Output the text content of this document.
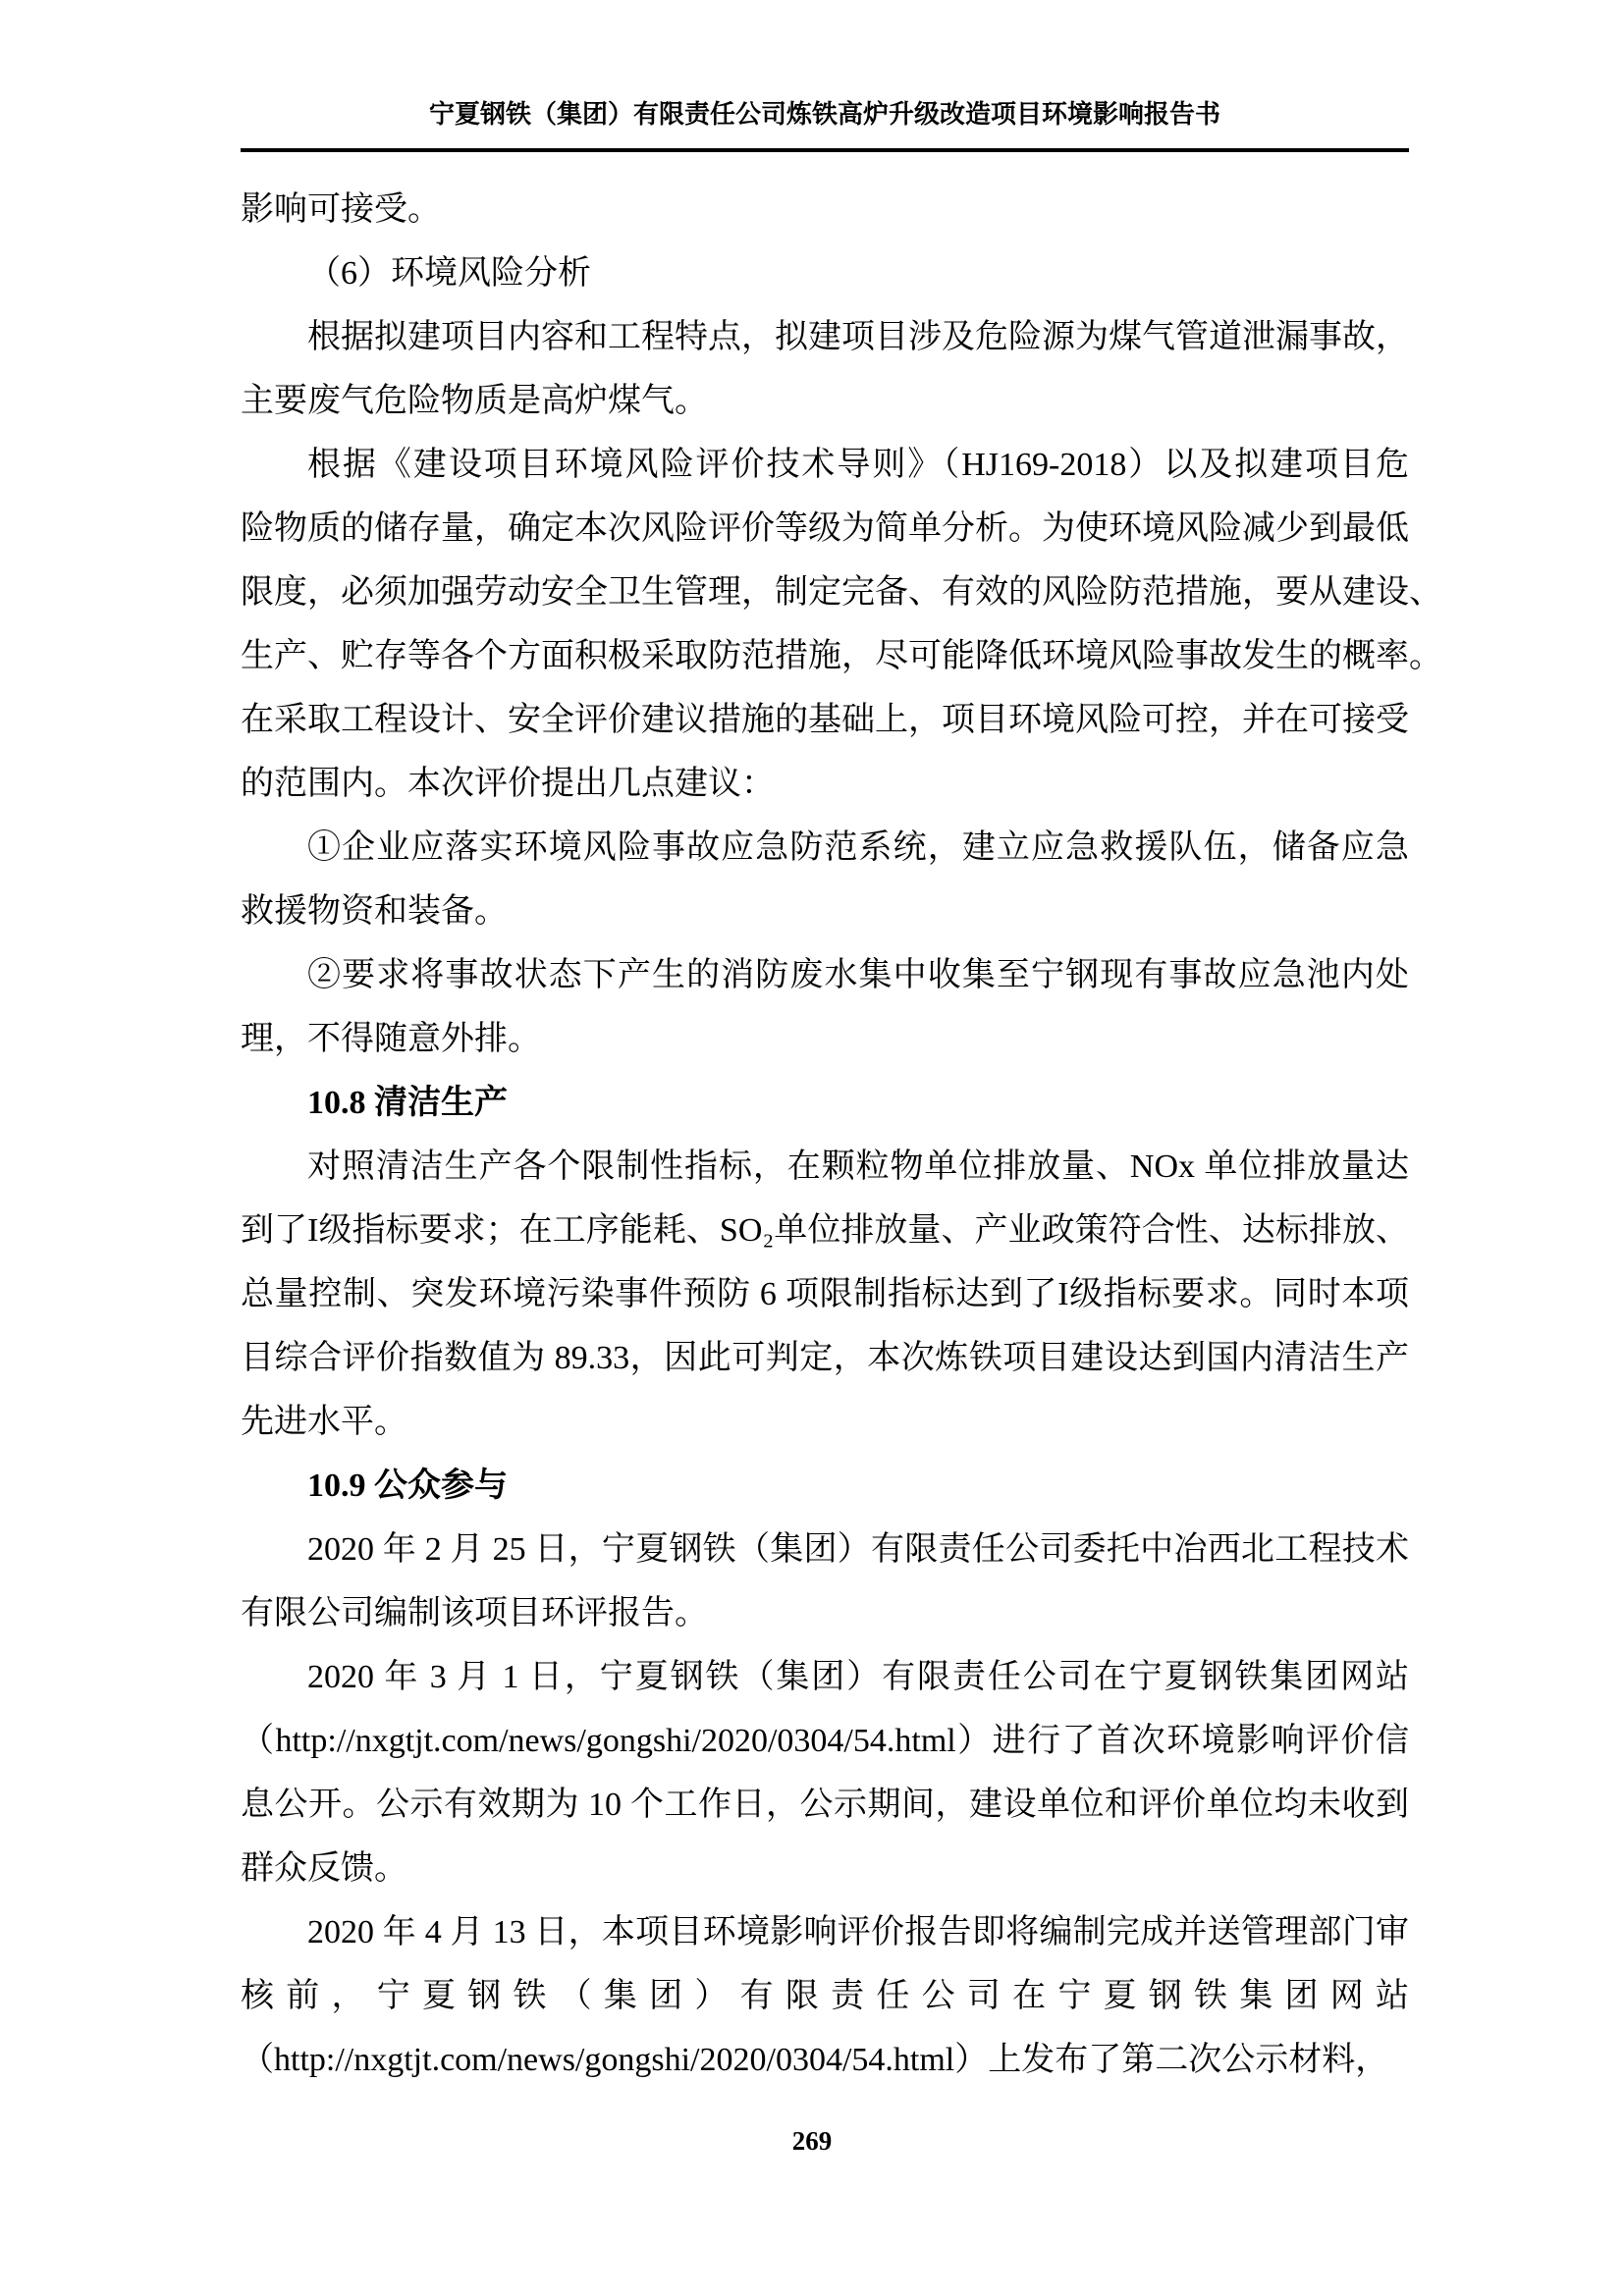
宁夏钢铁（集团）有限责任公司炼铁高炉升级改造项目环境影响报告书
影响可接受。
（6）环境风险分析
根据拟建项目内容和工程特点，拟建项目涉及危险源为煤气管道泄漏事故，
主要废气危险物质是高炉煤气。
根据《建设项目环境风险评价技术导则》（HJ169-2018）以及拟建项目危
险物质的储存量，确定本次风险评价等级为简单分析。为使环境风险减少到最低
限度，必须加强劳动安全卫生管理，制定完备、有效的风险防范措施，要从建设、
生产、贮存等各个方面积极采取防范措施，尽可能降低环境风险事故发生的概率。
在采取工程设计、安全评价建议措施的基础上，项目环境风险可控，并在可接受
的范围内。本次评价提出几点建议：
①企业应落实环境风险事故应急防范系统，建立应急救援队伍，储备应急
救援物资和装备。
②要求将事故状态下产生的消防废水集中收集至宁钢现有事故应急池内处
理，不得随意外排。
10.8 清洁生产
对照清洁生产各个限制性指标，在颗粒物单位排放量、NOx 单位排放量达
到了I级指标要求；在工序能耗、SO₂单位排放量、产业政策符合性、达标排放、
总量控制、突发环境污染事件预防 6 项限制指标达到了I级指标要求。同时本项
目综合评价指数值为 89.33，因此可判定，本次炼铁项目建设达到国内清洁生产
先进水平。
10.9 公众参与
2020 年 2 月 25 日，宁夏钢铁（集团）有限责任公司委托中冶西北工程技术
有限公司编制该项目环评报告。
2020 年 3 月 1 日，宁夏钢铁（集团）有限责任公司在宁夏钢铁集团网站
（http://nxgtjt.com/news/gongshi/2020/0304/54.html）进行了首次环境影响评价信
息公开。公示有效期为 10 个工作日，公示期间，建设单位和评价单位均未收到
群众反馈。
2020 年 4 月 13 日，本项目环境影响评价报告即将编制完成并送管理部门审
核前，宁夏钢铁（集团）有限责任公司在宁夏钢铁集团网站
（http://nxgtjt.com/news/gongshi/2020/0304/54.html）上发布了第二次公示材料，
269
